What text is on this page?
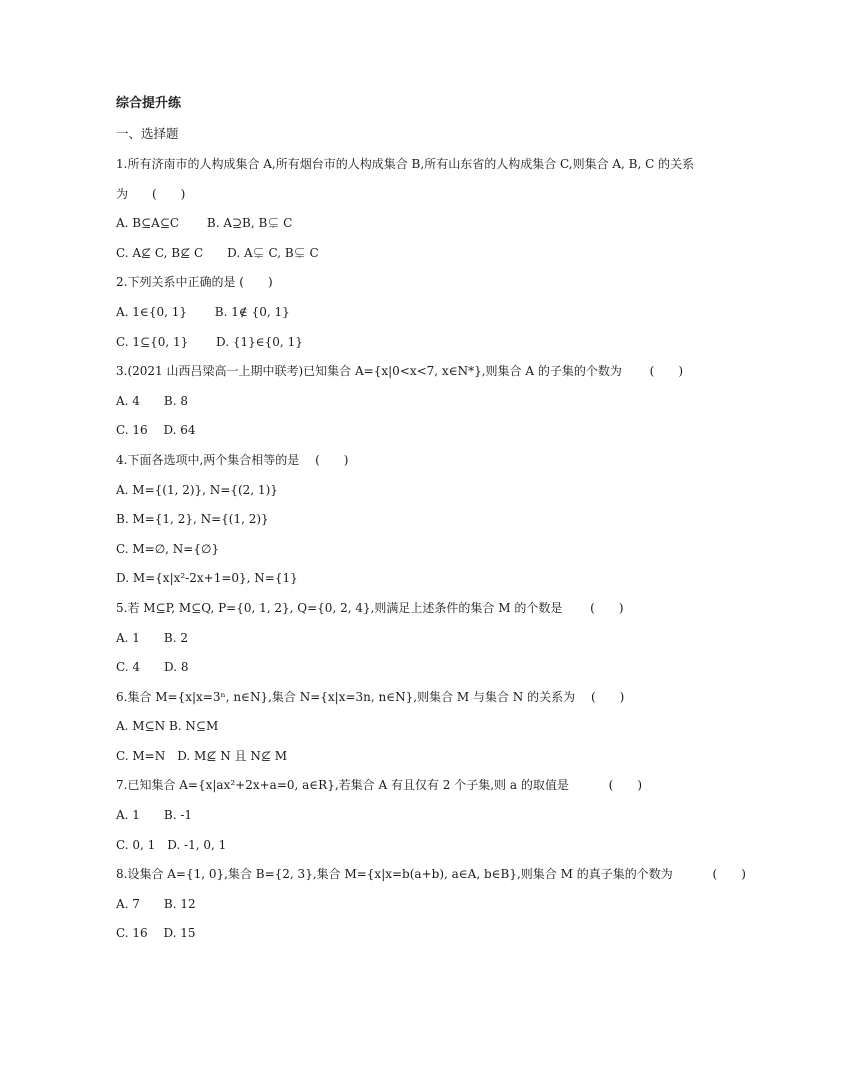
综合提升练
一、选择题
1.所有济南市的人构成集合 A,所有烟台市的人构成集合 B,所有山东省的人构成集合 C,则集合 A, B, C 的关系
为　　(　　)
A. B⊆A⊆C　　 B. A⊇B, B⊊ C
C. A⊈ C, B⊈ C　　D. A⊊ C, B⊊ C
2.下列关系中正确的是 (　　)
A. 1∈{0, 1}　　 B. 1∉ {0, 1}
C. 1⊆{0, 1}　　 D. {1}∈{0, 1}
3.(2021 山西吕梁高一上期中联考)已知集合 A={x|0<x<7, x∈N*},则集合 A 的子集的个数为　　 (　　)
A. 4　　B. 8
C. 16　 D. 64
4.下面各选项中,两个集合相等的是　 (　　)
A. M={(1, 2)}, N={(2, 1)}
B. M={1, 2}, N={(1, 2)}
C. M=∅, N={∅}
D. M={x|x²-2x+1=0}, N={1}
5.若 M⊆P, M⊆Q, P={0, 1, 2}, Q={0, 2, 4},则满足上述条件的集合 M 的个数是　　 (　　)
A. 1　　B. 2
C. 4　　D. 8
6.集合 M={x|x=3ⁿ, n∈N},集合 N={x|x=3n, n∈N},则集合 M 与集合 N 的关系为　 (　　)
A. M⊆N B. N⊆M
C. M=N　D. M⊈ N 且 N⊈ M
7.已知集合 A={x|ax²+2x+a=0, a∈R},若集合 A 有且仅有 2 个子集,则 a 的取值是　　　 (　　)
A. 1　　B. -1
C. 0, 1　D. -1, 0, 1
8.设集合 A={1, 0},集合 B={2, 3},集合 M={x|x=b(a+b), a∈A, b∈B},则集合 M 的真子集的个数为　　　 (　　)
A. 7　　B. 12
C. 16　 D. 15
